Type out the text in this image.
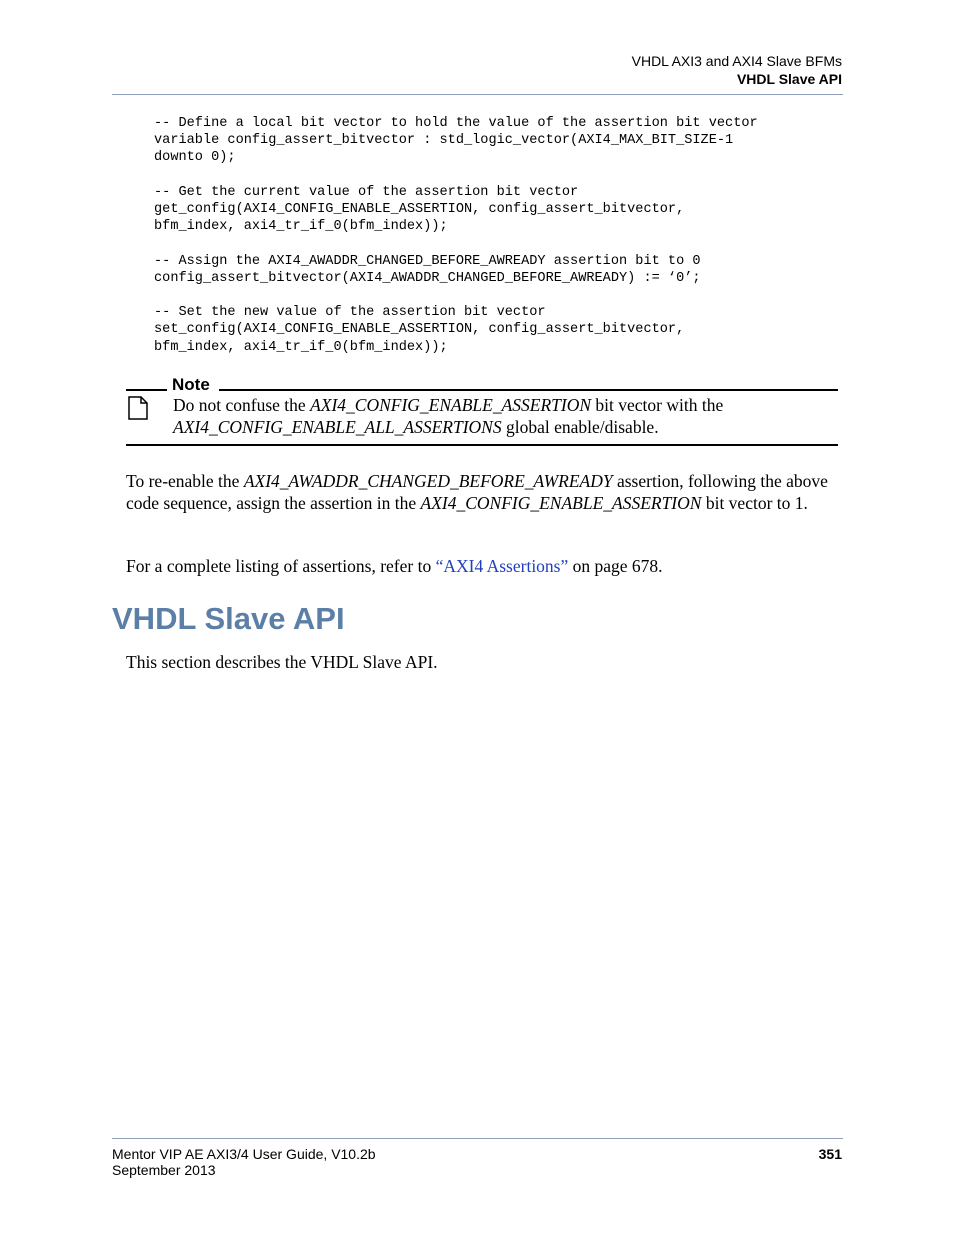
VHDL AXI3 and AXI4 Slave BFMs
VHDL Slave API
-- Define a local bit vector to hold the value of the assertion bit vector
variable config_assert_bitvector : std_logic_vector(AXI4_MAX_BIT_SIZE-1
downto 0);

-- Get the current value of the assertion bit vector
get_config(AXI4_CONFIG_ENABLE_ASSERTION, config_assert_bitvector,
bfm_index, axi4_tr_if_0(bfm_index));

-- Assign the AXI4_AWADDR_CHANGED_BEFORE_AWREADY assertion bit to 0
config_assert_bitvector(AXI4_AWADDR_CHANGED_BEFORE_AWREADY) := ‘0’;

-- Set the new value of the assertion bit vector
set_config(AXI4_CONFIG_ENABLE_ASSERTION, config_assert_bitvector,
bfm_index, axi4_tr_if_0(bfm_index));
Note
Do not confuse the AXI4_CONFIG_ENABLE_ASSERTION bit vector with the AXI4_CONFIG_ENABLE_ALL_ASSERTIONS global enable/disable.
To re-enable the AXI4_AWADDR_CHANGED_BEFORE_AWREADY assertion, following the above code sequence, assign the assertion in the AXI4_CONFIG_ENABLE_ASSERTION bit vector to 1.
For a complete listing of assertions, refer to “AXI4 Assertions” on page 678.
VHDL Slave API
This section describes the VHDL Slave API.
Mentor VIP AE AXI3/4 User Guide, V10.2b
September 2013
351
